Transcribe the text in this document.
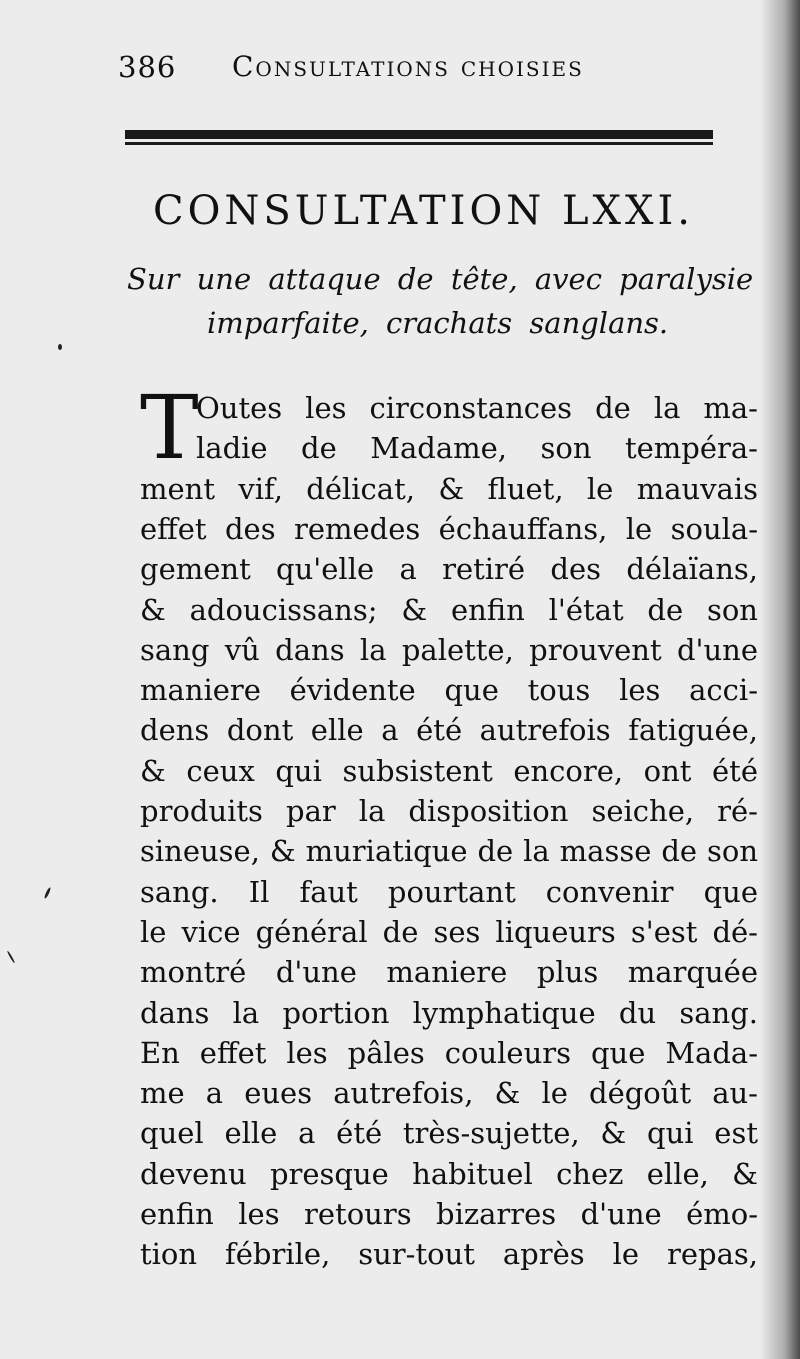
386 Consultations choisies
CONSULTATION LXXI.
Sur une attaque de tête, avec paralysie
imparfaite, crachats sanglans.
T
Outes les circonstances de la ma-
ladie de Madame, son tempéra-
ment vif, délicat, & fluet, le mauvais
effet des remedes échauffans, le soula-
gement qu'elle a retiré des délaïans,
& adoucissans; & enfin l'état de son
sang vû dans la palette, prouvent d'une
maniere évidente que tous les acci-
dens dont elle a été autrefois fatiguée,
& ceux qui subsistent encore, ont été
produits par la disposition seiche, ré-
sineuse, & muriatique de la masse de son
sang. Il faut pourtant convenir que
le vice général de ses liqueurs s'est dé-
montré d'une maniere plus marquée
dans la portion lymphatique du sang.
En effet les pâles couleurs que Mada-
me a eues autrefois, & le dégoût au-
quel elle a été très-sujette, & qui est
devenu presque habituel chez elle, &
enfin les retours bizarres d'une émo-
tion fébrile, sur-tout après le repas,
